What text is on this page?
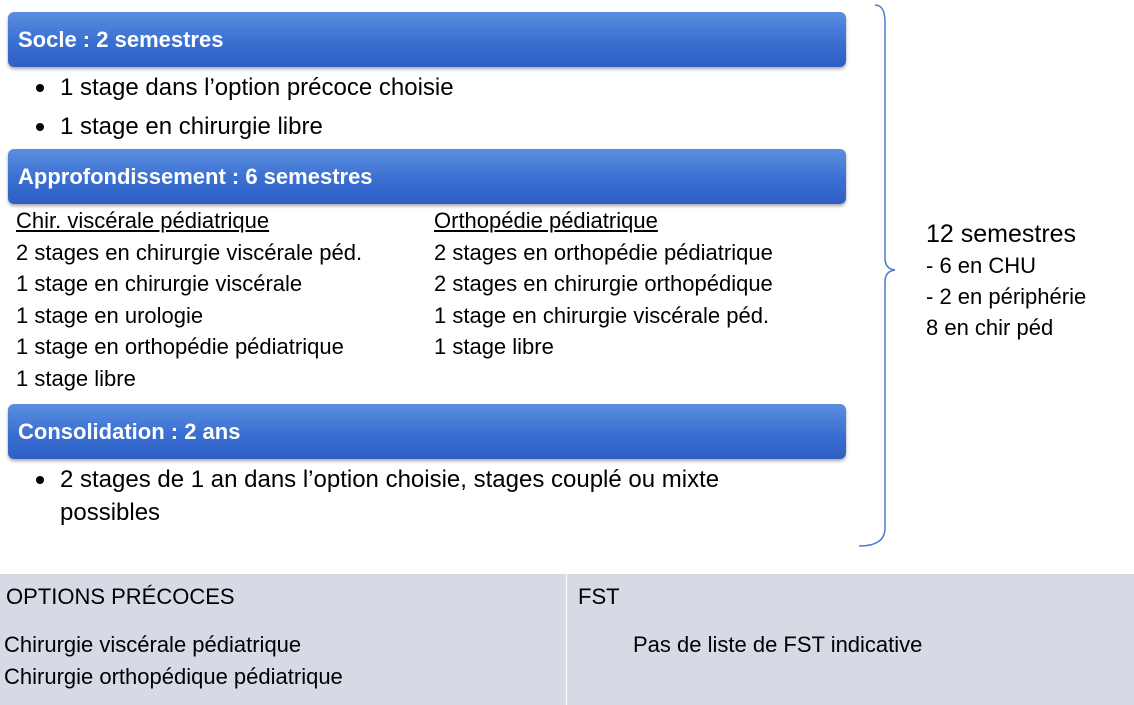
Socle : 2 semestres
1 stage dans l’option précoce choisie
1 stage en chirurgie libre
Approfondissement : 6 semestres
Chir. viscérale pédiatrique
2 stages en chirurgie viscérale péd.
1 stage en chirurgie viscérale
1 stage en urologie
1 stage en orthopédie pédiatrique
1 stage libre
Orthopédie pédiatrique
2 stages en orthopédie pédiatrique
2 stages en chirurgie orthopédique
1 stage en chirurgie viscérale péd.
1 stage libre
Consolidation : 2 ans
2 stages de 1 an dans l’option choisie, stages couplé ou mixte
possibles
12 semestres
- 6 en CHU
- 2 en périphérie
8 en chir péd
OPTIONS PRÉCOCES
Chirurgie viscérale pédiatrique
Chirurgie orthopédique pédiatrique
FST
Pas de liste de FST indicative
